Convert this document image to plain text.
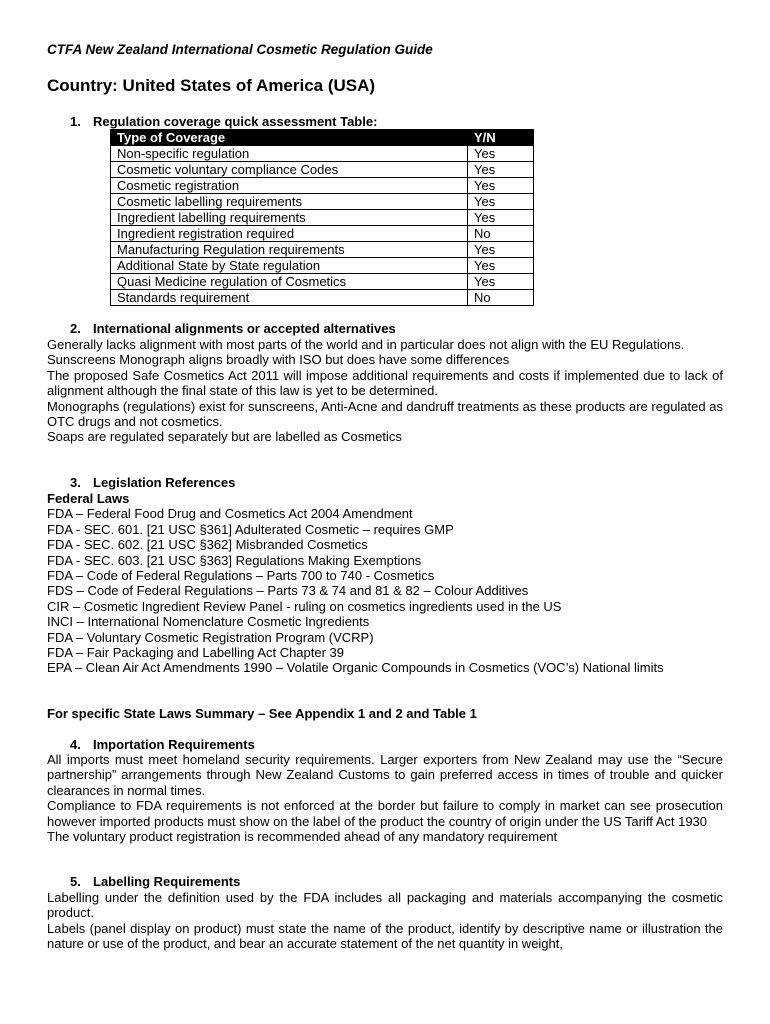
CTFA New Zealand International Cosmetic Regulation Guide
Country: United States of America (USA)
1. Regulation coverage quick assessment Table:
Type of Coverage	Y/N
Non-specific regulation	Yes
Cosmetic voluntary compliance Codes	Yes
Cosmetic registration	Yes
Cosmetic labelling requirements	Yes
Ingredient labelling requirements	Yes
Ingredient registration required	No
Manufacturing Regulation requirements	Yes
Additional State by State regulation	Yes
Quasi Medicine regulation of Cosmetics	Yes
Standards requirement	No
2. International alignments or accepted alternatives

Generally lacks alignment with most parts of the world and in particular does not align with the EU Regulations.

Sunscreens Monograph aligns broadly with ISO but does have some differences

The proposed Safe Cosmetics Act 2011 will impose additional requirements and costs if implemented due to lack of alignment although the final state of this law is yet to be determined.

Monographs (regulations) exist for sunscreens, Anti-Acne and dandruff treatments as these products are regulated as OTC drugs and not cosmetics.

Soaps are regulated separately but are labelled as Cosmetics

3. Legislation References

Federal Laws

FDA – Federal Food Drug and Cosmetics Act 2004 Amendment

FDA - SEC. 601. [21 USC §361] Adulterated Cosmetic – requires GMP

FDA - SEC. 602. [21 USC §362] Misbranded Cosmetics

FDA - SEC. 603. [21 USC §363] Regulations Making Exemptions

FDA – Code of Federal Regulations – Parts 700 to 740 - Cosmetics

FDS – Code of Federal Regulations – Parts 73 & 74 and 81 & 82 – Colour Additives

CIR – Cosmetic Ingredient Review Panel - ruling on cosmetics ingredients used in the US

INCI – International Nomenclature Cosmetic Ingredients

FDA – Voluntary Cosmetic Registration Program (VCRP)

FDA – Fair Packaging and Labelling Act Chapter 39

EPA – Clean Air Act Amendments 1990 – Volatile Organic Compounds in Cosmetics (VOC’s) National limits

For specific State Laws Summary – See Appendix 1 and 2 and Table 1
4. Importation Requirements

All imports must meet homeland security requirements. Larger exporters from New Zealand may use the “Secure partnership” arrangements through New Zealand Customs to gain preferred access in times of trouble and quicker clearances in normal times.

Compliance to FDA requirements is not enforced at the border but failure to comply in market can see prosecution however imported products must show on the label of the product the country of origin under the US Tariff Act 1930

The voluntary product registration is recommended ahead of any mandatory requirement

5. Labelling Requirements

Labelling under the definition used by the FDA includes all packaging and materials accompanying the cosmetic product.

Labels (panel display on product) must state the name of the product, identify by descriptive name or illustration the nature or use of the product, and bear an accurate statement of the net quantity in weight,
